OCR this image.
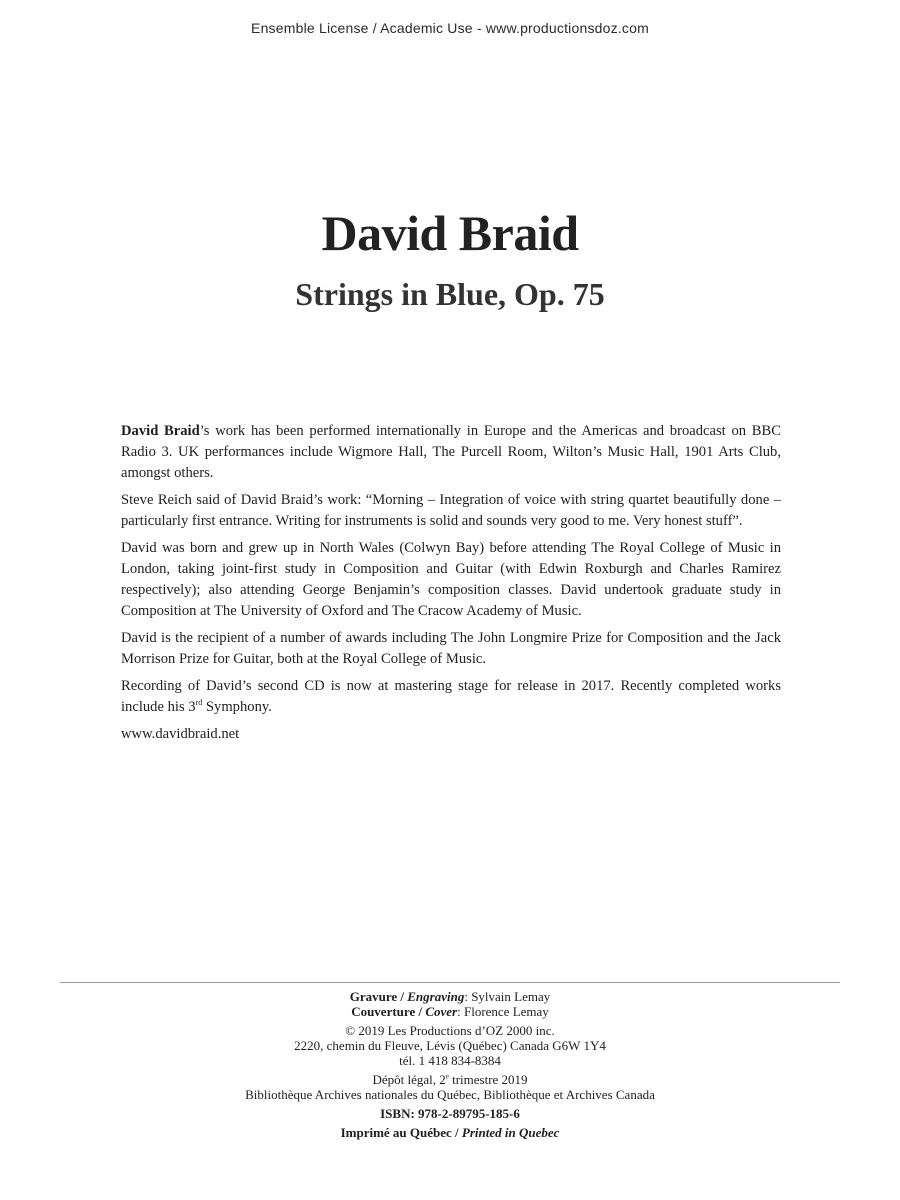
Ensemble License / Academic Use - www.productionsdoz.com
David Braid
Strings in Blue, Op. 75

David Braid’s work has been performed internationally in Europe and the Americas and broadcast on BBC Radio 3. UK performances include Wigmore Hall, The Purcell Room, Wilton’s Music Hall, 1901 Arts Club, amongst others.

Steve Reich said of David Braid’s work: “Morning – Integration of voice with string quartet beautifully done – particularly first entrance. Writing for instruments is solid and sounds very good to me. Very honest stuff”.

David was born and grew up in North Wales (Colwyn Bay) before attending The Royal College of Music in London, taking joint-first study in Composition and Guitar (with Edwin Roxburgh and Charles Ramirez respectively); also attending George Benjamin’s composition classes. David undertook graduate study in Composition at The University of Oxford and The Cracow Academy of Music.

David is the recipient of a number of awards including The John Longmire Prize for Composition and the Jack Morrison Prize for Guitar, both at the Royal College of Music.

Recording of David’s second CD is now at mastering stage for release in 2017. Recently completed works include his 3rd Symphony.

www.davidbraid.net

Gravure / Engraving: Sylvain Lemay
Couverture / Cover: Florence Lemay
© 2019 Les Productions d’OZ 2000 inc.
2220, chemin du Fleuve, Lévis (Québec) Canada G6W 1Y4
tél. 1 418 834-8384
Dépôt légal, 2e trimestre 2019
Bibliothèque Archives nationales du Québec, Bibliothèque et Archives Canada
ISBN: 978-2-89795-185-6
Imprimé au Québec / Printed in Quebec
